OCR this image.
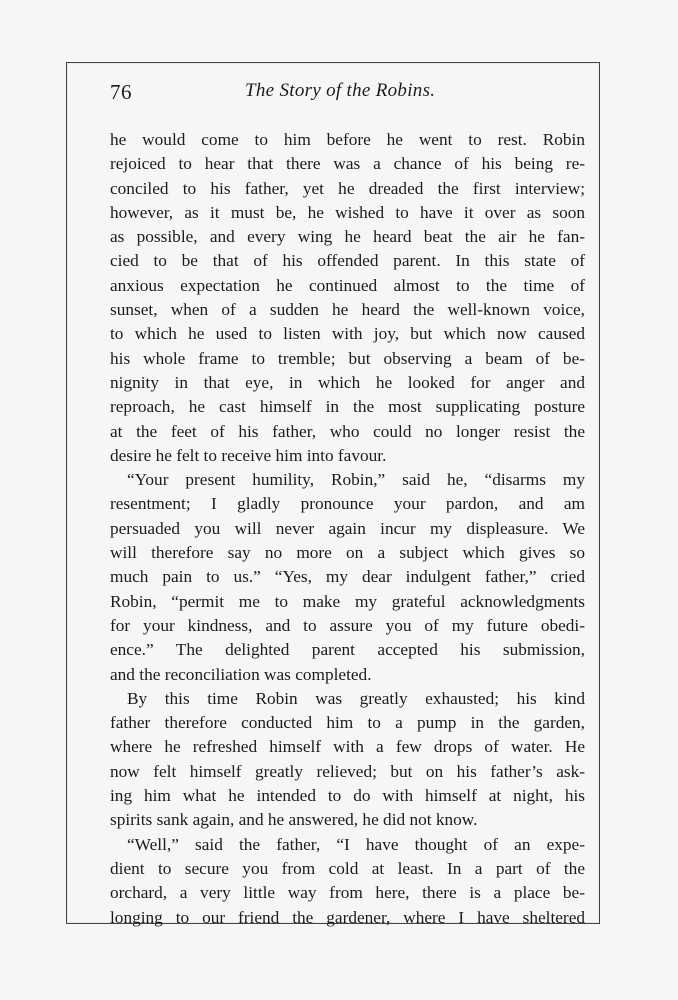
76	The Story of the Robins.
he would come to him before he went to rest. Robin
rejoiced to hear that there was a chance of his being re-
conciled to his father, yet he dreaded the first interview;
however, as it must be, he wished to have it over as soon
as possible, and every wing he heard beat the air he fan-
cied to be that of his offended parent. In this state of
anxious expectation he continued almost to the time of
sunset, when of a sudden he heard the well-known voice,
to which he used to listen with joy, but which now caused
his whole frame to tremble; but observing a beam of be-
nignity in that eye, in which he looked for anger and
reproach, he cast himself in the most supplicating posture
at the feet of his father, who could no longer resist the
desire he felt to receive him into favour.
“Your present humility, Robin,” said he, “disarms my
resentment; I gladly pronounce your pardon, and am
persuaded you will never again incur my displeasure. We
will therefore say no more on a subject which gives so
much pain to us.” “Yes, my dear indulgent father,” cried
Robin, “permit me to make my grateful acknowledgments
for your kindness, and to assure you of my future obedi-
ence.” The delighted parent accepted his submission,
and the reconciliation was completed.
By this time Robin was greatly exhausted; his kind
father therefore conducted him to a pump in the garden,
where he refreshed himself with a few drops of water. He
now felt himself greatly relieved; but on his father’s ask-
ing him what he intended to do with himself at night, his
spirits sank again, and he answered, he did not know.
“Well,” said the father, “I have thought of an expe-
dient to secure you from cold at least. In a part of the
orchard, a very little way from here, there is a place be-
longing to our friend the gardener, where I have sheltered
